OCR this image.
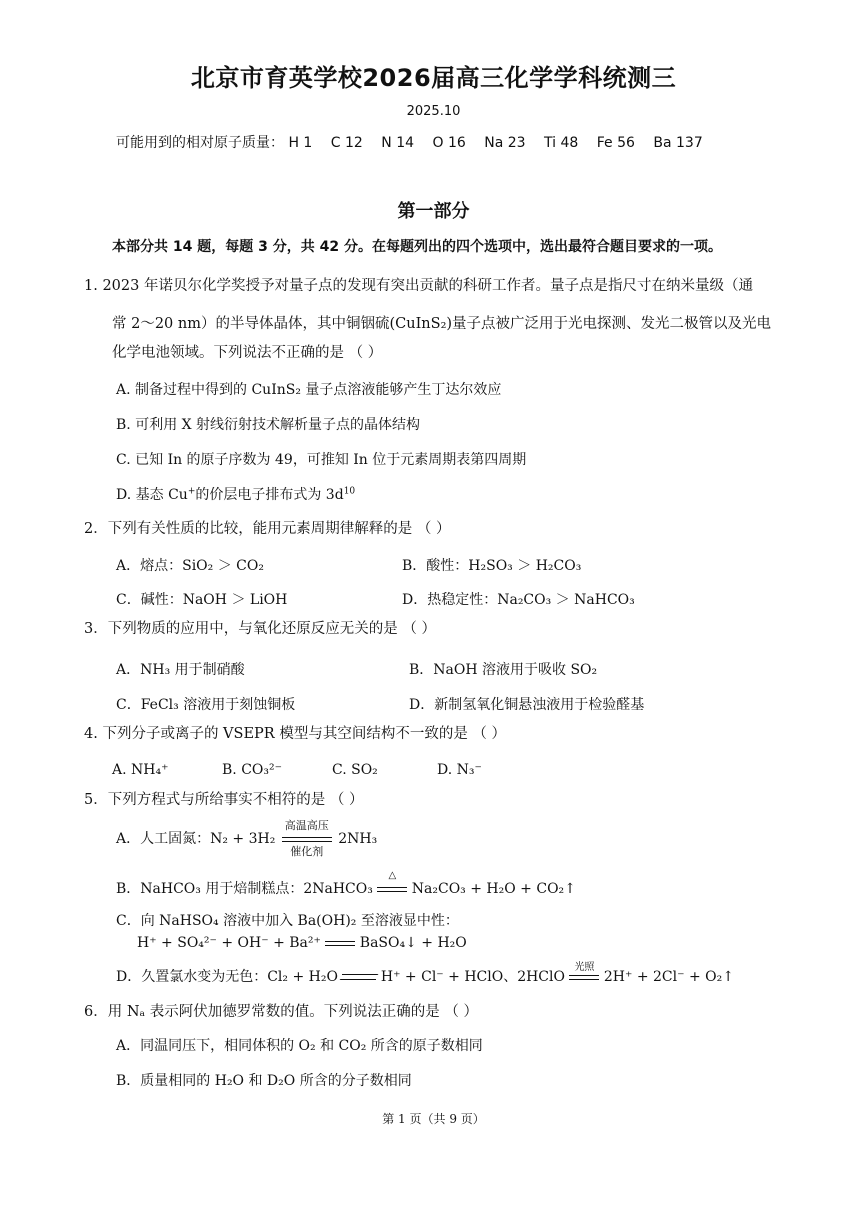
北京市育英学校2026届高三化学学科统测三
2025.10
可能用到的相对原子质量： H 1 C 12 N 14 O 16 Na 23 Ti 48 Fe 56 Ba 137
第一部分
本部分共 14 题，每题 3 分，共 42 分。在每题列出的四个选项中，选出最符合题目要求的一项。
1. 2023 年诺贝尔化学奖授予对量子点的发现有突出贡献的科研工作者。量子点是指尺寸在纳米量级（通
常 2～20 nm）的半导体晶体，其中铜铟硫(CuInS₂)量子点被广泛用于光电探测、发光二极管以及光电
化学电池领域。下列说法不正确的是 （ ）
A. 制备过程中得到的 CuInS₂ 量子点溶液能够产生丁达尔效应
B. 可利用 X 射线衍射技术解析量子点的晶体结构
C. 已知 In 的原子序数为 49，可推知 In 位于元素周期表第四周期
D. 基态 Cu+的价层电子排布式为 $3d^{10}$
2．下列有关性质的比较，能用元素周期律解释的是 （ ）
A．熔点：SiO₂ ＞ CO₂	B．酸性：H₂SO₃ ＞ H₂CO₃
C．碱性：NaOH ＞ LiOH	D．热稳定性：Na₂CO₃ ＞ NaHCO₃
3．下列物质的应用中，与氧化还原反应无关的是 （ ）
A．NH₃ 用于制硝酸	B．NaOH 溶液用于吸收 SO₂
C．FeCl₃ 溶液用于刻蚀铜板	D．新制氢氧化铜悬浊液用于检验醛基
4. 下列分子或离子的 VSEPR 模型与其空间结构不一致的是 （ ）
A. NH₄⁺	B. CO₃²⁻	C. SO₂	D. N₃⁻
5．下列方程式与所给事实不相符的是 （ ）
A．人工固氮：N₂ + 3H₂
高温高压
催化剂
2NH₃
B．NaHCO₃ 用于焙制糕点：2NaHCO₃
△
Na₂CO₃ + H₂O + CO₂↑
C．向 NaHSO₄ 溶液中加入 Ba(OH)₂ 至溶液显中性：
H⁺ + SO₄²⁻ + OH⁻ + Ba²⁺	BaSO₄↓ + H₂O
D．久置氯水变为无色：Cl₂ + H₂O	H⁺ + Cl⁻ + HClO、2HClO
光照
2H⁺ + 2Cl⁻ + O₂↑
6．用 Nₐ 表示阿伏加德罗常数的值。下列说法正确的是 （ ）
A．同温同压下，相同体积的 O₂ 和 CO₂ 所含的原子数相同
B．质量相同的 H₂O 和 D₂O 所含的分子数相同
第 1 页（共 9 页）
